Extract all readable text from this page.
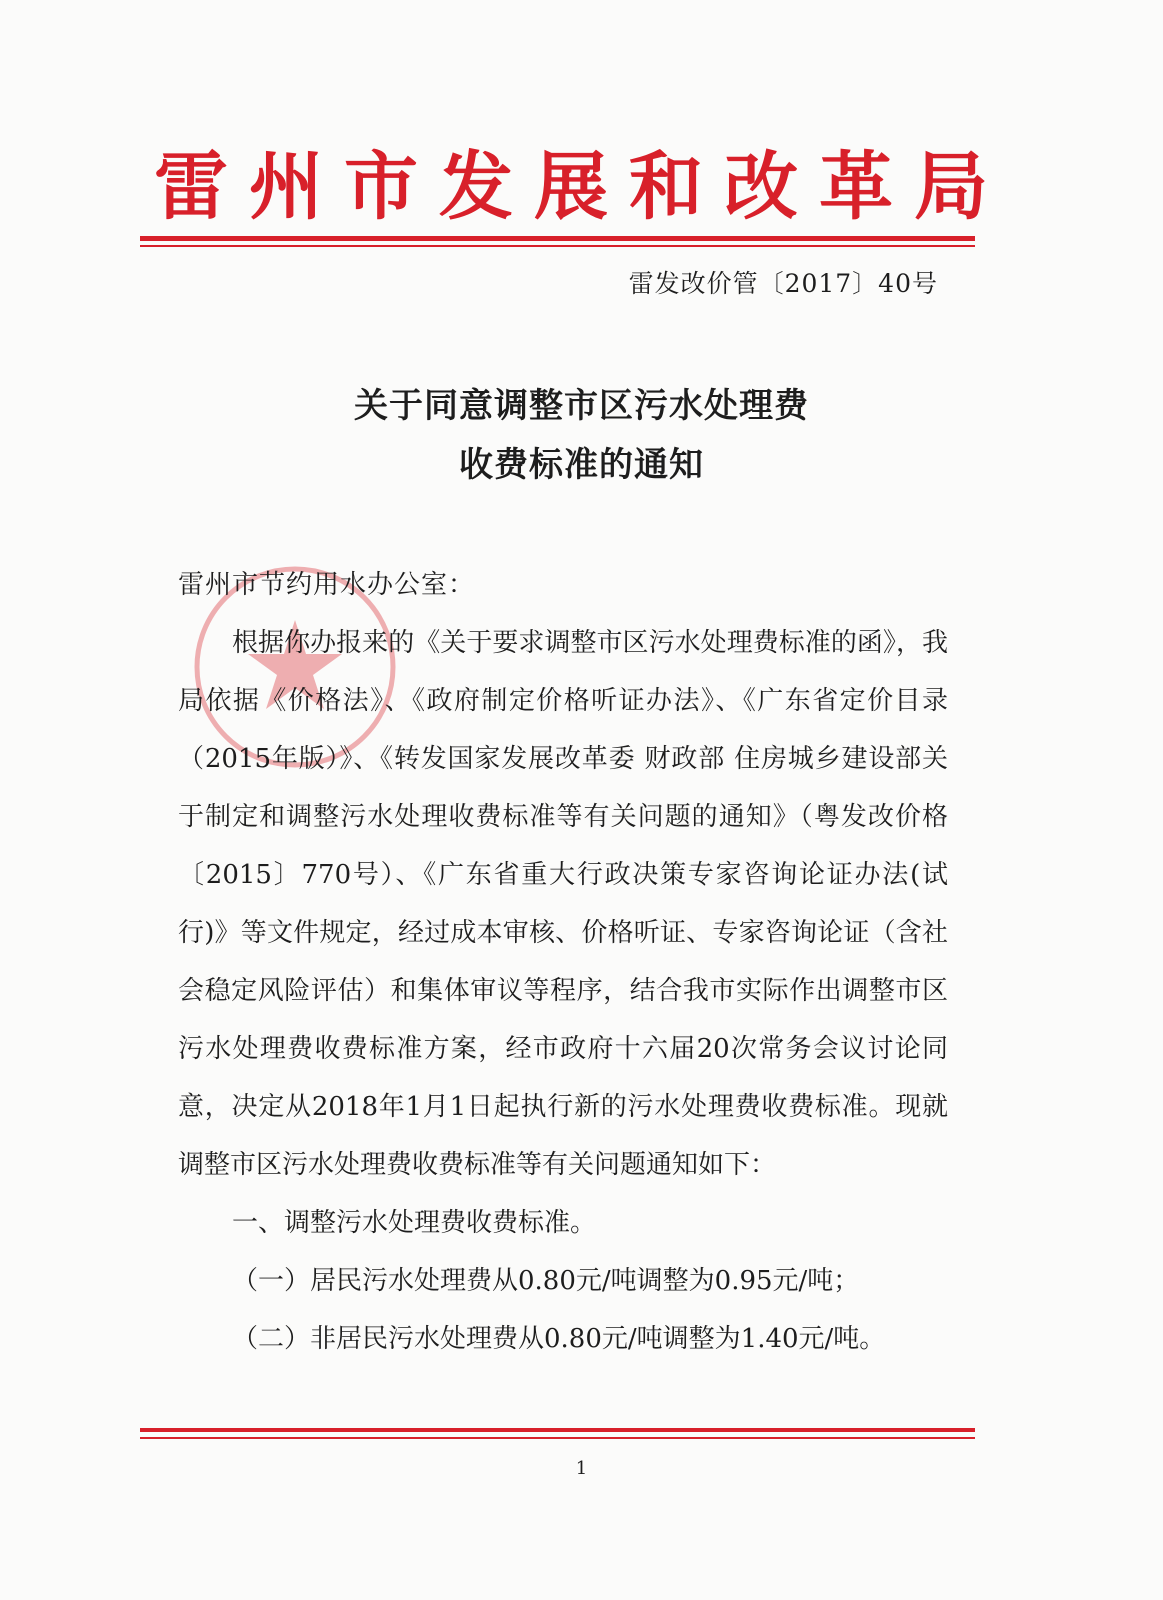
雷州市发展和改革局
雷发改价管〔2017〕40号
关于同意调整市区污水处理费
收费标准的通知

雷州市节约用水办公室：

根据你办报来的《关于要求调整市区污水处理费标准的函》，我局依据《价格法》、《政府制定价格听证办法》、《广东省定价目录（2015年版）》、《转发国家发展改革委 财政部 住房城乡建设部关于制定和调整污水处理收费标准等有关问题的通知》（粤发改价格〔2015〕770号）、《广东省重大行政决策专家咨询论证办法(试行)》等文件规定，经过成本审核、价格听证、专家咨询论证（含社会稳定风险评估）和集体审议等程序，结合我市实际作出调整市区污水处理费收费标准方案，经市政府十六届20次常务会议讨论同意，决定从2018年1月1日起执行新的污水处理费收费标准。现就调整市区污水处理费收费标准等有关问题通知如下：

一、调整污水处理费收费标准。

（一）居民污水处理费从0.80元/吨调整为0.95元/吨；

（二）非居民污水处理费从0.80元/吨调整为1.40元/吨。

1
